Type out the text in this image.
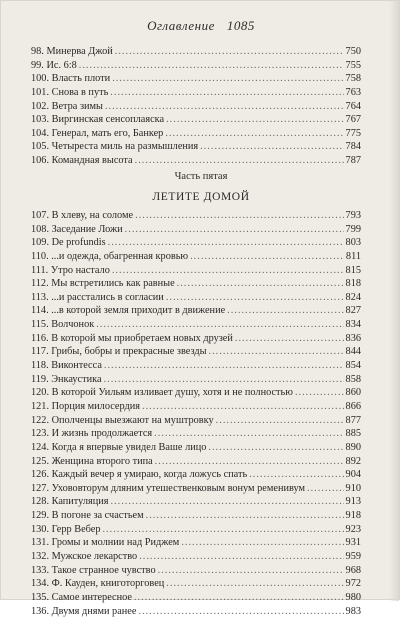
Оглавление 1085
98. Минерва Джой .....	750
99. Ис. 6:8 .....	755
100. Власть плоти .....	758
101. Снова в путь .....	763
102. Ветра зимы .....	764
103. Виргинская сенсоплаяска .....	767
104. Генерал, мать его, Банкер .....	775
105. Четыреста миль на размышления .....	784
106. Командная высота .....	787
Часть пятая
ЛЕТИТЕ ДОМОЙ
107. В хлеву, на соломе .....	793
108. Заседание Ложи .....	799
109. De profundis .....	803
110. ...и одежда, обагренная кровью .....	811
111. Утро настало .....	815
112. Мы встретились как равные .....	818
113. ...и расстались в согласии .....	824
114. ...в которой земля приходит в движение .....	827
115. Волчонок .....	834
116. В которой мы приобретаем новых друзей .....	836
117. Грибы, бобры и прекрасные звезды .....	844
118. Виконтесса .....	854
119. Энкаустика .....	858
120. В которой Уильям изливает душу, хотя и не полностью .....	860
121. Порция милосердия .....	866
122. Ополченцы выезжают на муштровку .....	877
123. И жизнь продолжается .....	885
124. Когда я впервые увидел Ваше лицо .....	890
125. Женщина второго типа .....	892
126. Каждый вечер я умираю, когда ложусь спать .....	904
127. Ухововторум дляним утешественковым вонум ременивум .....	910
128. Капитуляция .....	913
129. В погоне за счастьем .....	918
130. Герр Вебер .....	923
131. Громы и молнии над Риджем .....	931
132. Мужское лекарство .....	959
133. Такое странное чувство .....	968
134. Ф. Кауден, книготорговец .....	972
135. Самое интересное .....	980
136. Двумя днями ранее .....	983
